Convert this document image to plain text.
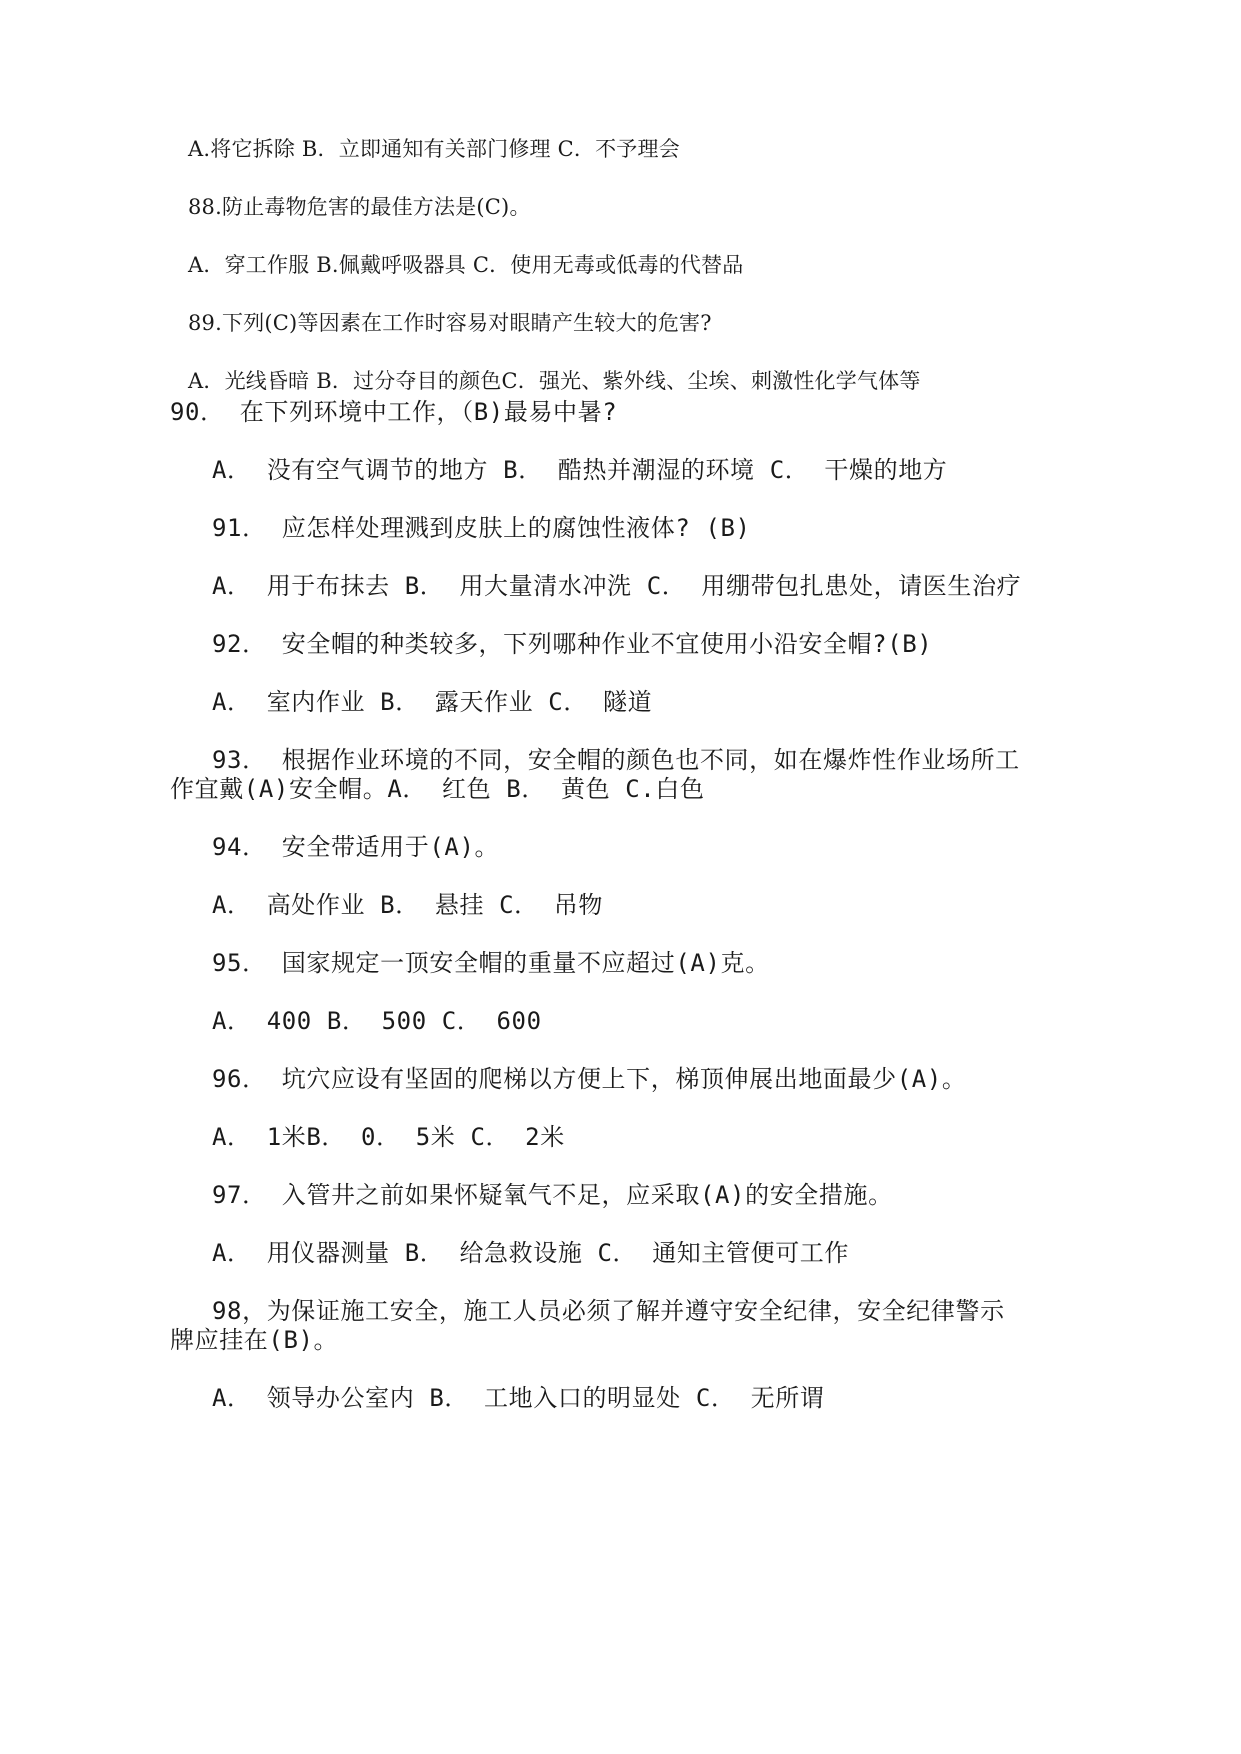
A.将它拆除 B．立即通知有关部门修理 C．不予理会
88.防止毒物危害的最佳方法是(C)。
A．穿工作服 B.佩戴呼吸器具 C．使用无毒或低毒的代替品
89.下列(C)等因素在工作时容易对眼睛产生较大的危害?
A．光线昏暗 B．过分夺目的颜色C．强光、紫外线、尘埃、刺激性化学气体等
90． 在下列环境中工作，（B)最易中暑?
A． 没有空气调节的地方 B． 酷热并潮湿的环境 C． 干燥的地方
91． 应怎样处理溅到皮肤上的腐蚀性液体? (B)
A． 用于布抹去 B． 用大量清水冲洗 C． 用绷带包扎患处，请医生治疗
92． 安全帽的种类较多，下列哪种作业不宜使用小沿安全帽?(B)
A． 室内作业 B． 露天作业 C． 隧道
93． 根据作业环境的不同，安全帽的颜色也不同，如在爆炸性作业场所工
作宜戴(A)安全帽。A． 红色 B． 黄色 C.白色
94． 安全带适用于(A)。
A． 高处作业 B． 悬挂 C． 吊物
95． 国家规定一顶安全帽的重量不应超过(A)克。
A． 400 B． 500 C． 600
96． 坑穴应设有坚固的爬梯以方便上下，梯顶伸展出地面最少(A)。
A． 1米B． 0． 5米 C． 2米
97． 入管井之前如果怀疑氧气不足，应采取(A)的安全措施。
A． 用仪器测量 B． 给急救设施 C． 通知主管便可工作
98，为保证施工安全，施工人员必须了解并遵守安全纪律，安全纪律警示
牌应挂在(B)。
A． 领导办公室内 B． 工地入口的明显处 C． 无所谓
